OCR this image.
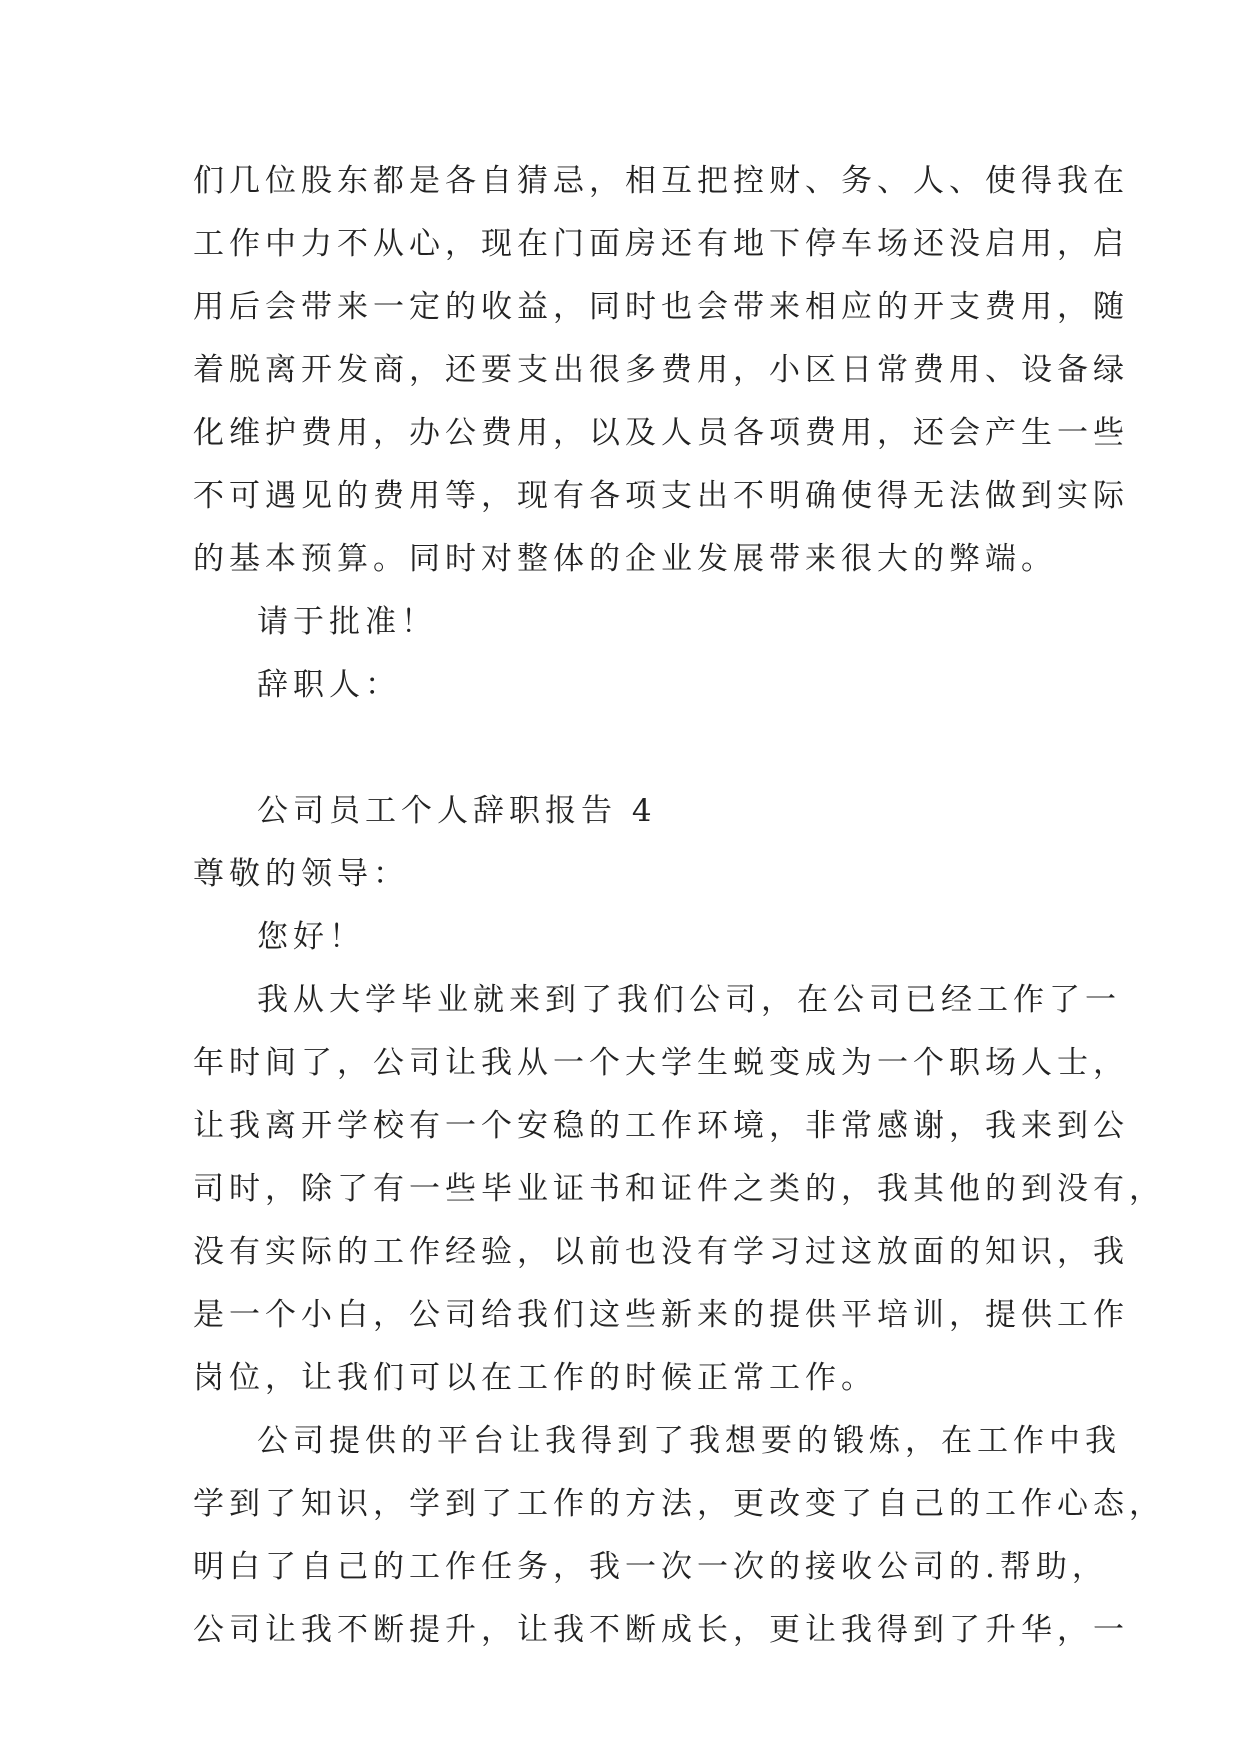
们几位股东都是各自猜忌，相互把控财、务、人、使得我在
工作中力不从心，现在门面房还有地下停车场还没启用，启
用后会带来一定的收益，同时也会带来相应的开支费用，随
着脱离开发商，还要支出很多费用，小区日常费用、设备绿
化维护费用，办公费用，以及人员各项费用，还会产生一些
不可遇见的费用等，现有各项支出不明确使得无法做到实际
的基本预算。同时对整体的企业发展带来很大的弊端。
请于批准！
辞职人：
公司员工个人辞职报告 4
尊敬的领导：
您好！
我从大学毕业就来到了我们公司，在公司已经工作了一
年时间了，公司让我从一个大学生蜕变成为一个职场人士，
让我离开学校有一个安稳的工作环境，非常感谢，我来到公
司时，除了有一些毕业证书和证件之类的，我其他的到没有，
没有实际的工作经验，以前也没有学习过这放面的知识，我
是一个小白，公司给我们这些新来的提供平培训，提供工作
岗位，让我们可以在工作的时候正常工作。
公司提供的平台让我得到了我想要的锻炼，在工作中我
学到了知识，学到了工作的方法，更改变了自己的工作心态，
明白了自己的工作任务，我一次一次的接收公司的.帮助，
公司让我不断提升，让我不断成长，更让我得到了升华，一
